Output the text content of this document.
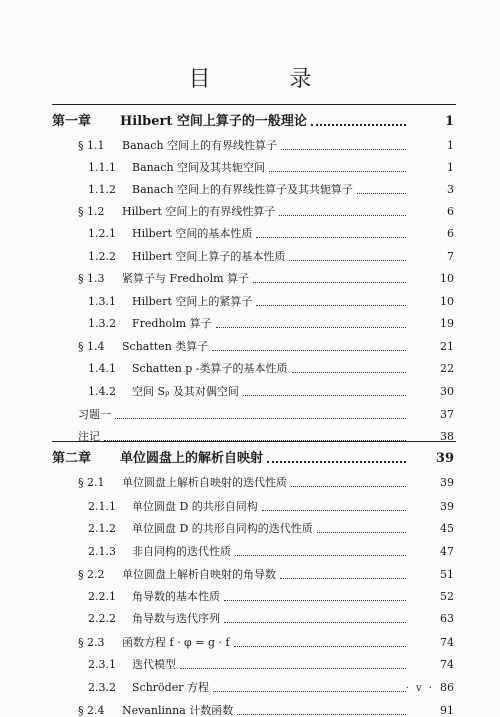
目 录
第一章	Hilbert 空间上算子的一般理论	1
§ 1.1	Banach 空间上的有界线性算子	1
1.1.1	Banach 空间及其共轭空间	1
1.1.2	Banach 空间上的有界线性算子及其共轭算子	3
§ 1.2	Hilbert 空间上的有界线性算子	6
1.2.1	Hilbert 空间的基本性质	6
1.2.2	Hilbert 空间上算子的基本性质	7
§ 1.3	紧算子与 Fredholm 算子	10
1.3.1	Hilbert 空间上的紧算子	10
1.3.2	Fredholm 算子	19
§ 1.4	Schatten 类算子	21
1.4.1	Schatten p -类算子的基本性质	22
1.4.2	空间 Sₚ 及其对偶空间	30
习题一	37
注记	38
第二章	单位圆盘上的解析自映射	39
§ 2.1	单位圆盘上解析自映射的迭代性质	39
2.1.1	单位圆盘 D 的共形自同构	39
2.1.2	单位圆盘 D 的共形自同构的迭代性质	45
2.1.3	非自同构的迭代性质	47
§ 2.2	单位圆盘上解析自映射的角导数	51
2.2.1	角导数的基本性质	52
2.2.2	角导数与迭代序列	63
§ 2.3	函数方程 f · φ = g · f	74
2.3.1	迭代模型	74
2.3.2	Schröder 方程	86
§ 2.4	Nevanlinna 计数函数	91
· v ·
